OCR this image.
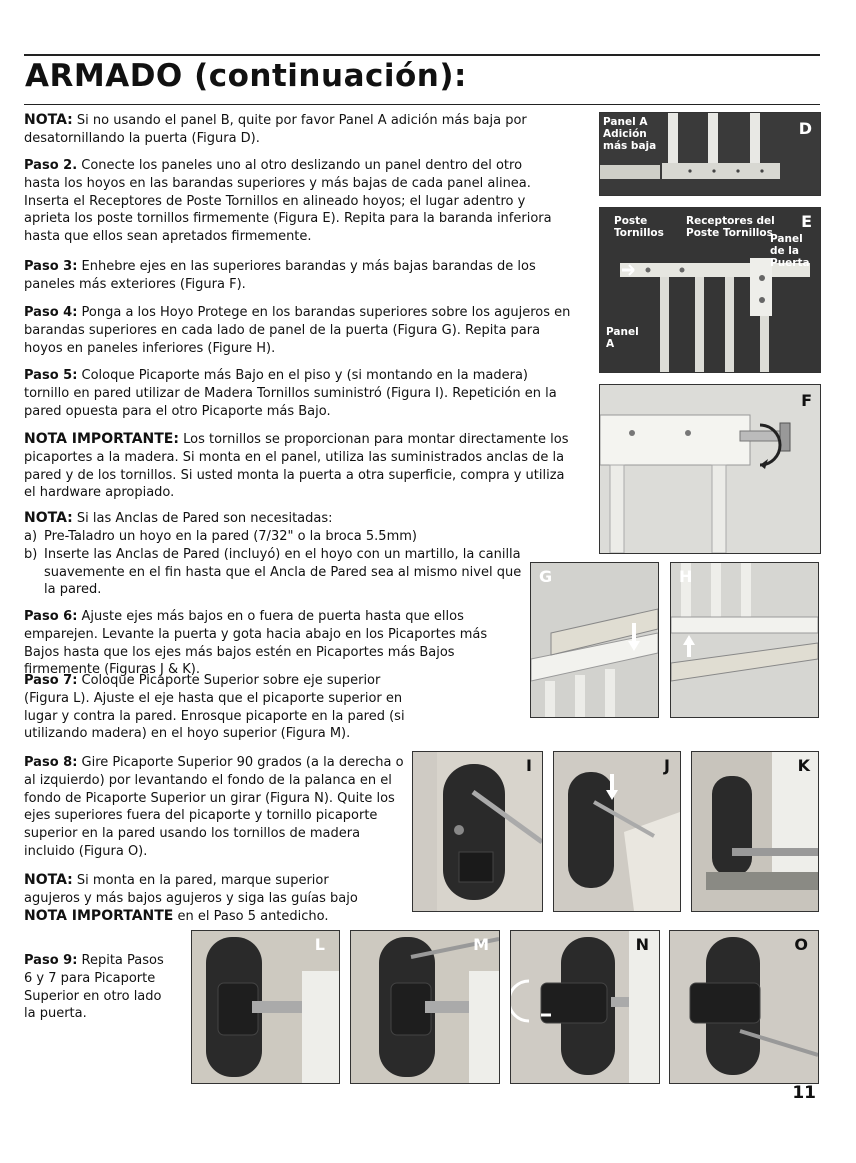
ARMADO (continuación):

NOTA: Si no usando el panel B, quite por favor Panel A adición más baja por desatornillando la puerta (Figura D).

Paso 2. Conecte los paneles uno al otro deslizando un panel dentro del otro hasta los hoyos en las barandas superiores y más bajas de cada panel alinea. Inserta el Receptores de Poste Tornillos en alineado hoyos; el lugar adentro y aprieta los poste tornillos firmemente (Figura E). Repita para la baranda inferiora hasta que ellos sean apretados firmemente.

Paso 3: Enhebre ejes en las superiores barandas y más bajas barandas de los paneles más exteriores (Figura F).

Paso 4: Ponga a los Hoyo Protege en los barandas superiores sobre los agujeros en barandas superiores en cada lado de panel de la puerta (Figura G). Repita para hoyos en paneles inferiores (Figure H).

Paso 5: Coloque Picaporte más Bajo en el piso y (si montando en la madera) tornillo en pared utilizar de Madera Tornillos suministró (Figura I). Repetición en la pared opuesta para el otro Picaporte más Bajo.

NOTA IMPORTANTE: Los tornillos se proporcionan para montar directamente los picaportes a la madera. Si monta en el panel, utiliza las suministrados anclas de la pared y de los tornillos. Si usted monta la puerta a otra superficie, compra y utiliza el hardware apropiado.

NOTA: Si las Anclas de Pared son necesitadas:

a) Pre-Taladro un hoyo en la pared (7/32" o la broca 5.5mm)
b) Inserte las Anclas de Pared (incluyó) en el hoyo con un martillo, la canilla suavemente en el fin hasta que el Ancla de Pared sea al mismo nivel que la pared.

Paso 6: Ajuste ejes más bajos en o fuera de puerta hasta que ellos emparejen. Levante la puerta y gota hacia abajo en los Picaportes más Bajos hasta que los ejes más bajos estén en Picaportes más Bajos firmemente (Figuras J & K).

Paso 7: Coloque Picaporte Superior sobre eje superior (Figura L). Ajuste el eje hasta que el picaporte superior en lugar y contra la pared. Enrosque picaporte en la pared (si utilizando madera) en el hoyo superior (Figura M).

Paso 8: Gire Picaporte Superior 90 grados (a la derecha o al izquierdo) por levantando el fondo de la palanca en el fondo de Picaporte Superior un girar (Figura N). Quite los ejes superiores fuera del picaporte y tornillo picaporte superior en la pared usando los tornillos de madera incluido (Figura O).

NOTA: Si monta en la pared, marque superior agujeros y más bajos agujeros y siga las guías bajo NOTA IMPORTANTE en el Paso 5 antedicho.

Paso 9: Repita Pasos 6 y 7 para Picaporte Superior en otro lado la puerta.

Panel A Adición más baja
D
Poste Tornillos
Receptores del Poste Tornillos
Panel de la Puerta
Panel A
E
F
G	H
I	J	K
L	M	N	O
11
